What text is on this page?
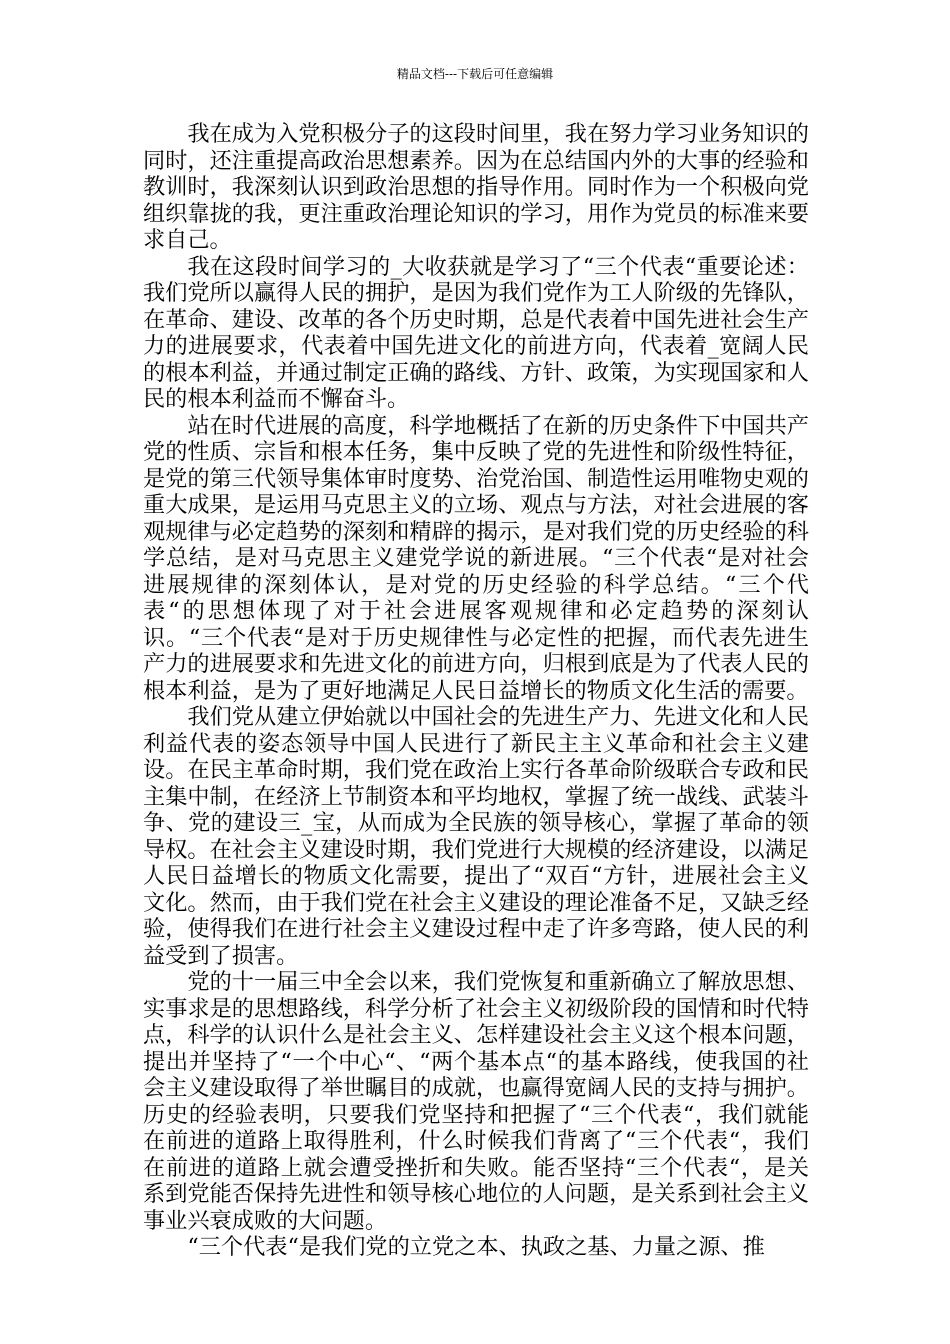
精品文档---下载后可任意编辑

我在成为入党积极分子的这段时间里，我在努力学习业务知识的同时，还注重提高政治思想素养。因为在总结国内外的大事的经验和教训时，我深刻认识到政治思想的指导作用。同时作为一个积极向党组织靠拢的我，更注重政治理论知识的学习，用作为党员的标准来要求自己。

我在这段时间学习的_大收获就是学习了“三个代表“重要论述：我们党所以赢得人民的拥护，是因为我们党作为工人阶级的先锋队，在革命、建设、改革的各个历史时期，总是代表着中国先进社会生产力的进展要求，代表着中国先进文化的前进方向，代表着_宽阔人民的根本利益，并通过制定正确的路线、方针、政策，为实现国家和人民的根本利益而不懈奋斗。

站在时代进展的高度，科学地概括了在新的历史条件下中国共产党的性质、宗旨和根本任务，集中反映了党的先进性和阶级性特征，是党的第三代领导集体审时度势、治党治国、制造性运用唯物史观的重大成果，是运用马克思主义的立场、观点与方法，对社会进展的客观规律与必定趋势的深刻和精辟的揭示，是对我们党的历史经验的科学总结，是对马克思主义建党学说的新进展。“三个代表“是对社会进展规律的深刻体认，是对党的历史经验的科学总结。“三个代表“的思想体现了对于社会进展客观规律和必定趋势的深刻认识。“三个代表“是对于历史规律性与必定性的把握，而代表先进生产力的进展要求和先进文化的前进方向，归根到底是为了代表人民的根本利益，是为了更好地满足人民日益增长的物质文化生活的需要。

我们党从建立伊始就以中国社会的先进生产力、先进文化和人民利益代表的姿态领导中国人民进行了新民主主义革命和社会主义建设。在民主革命时期，我们党在政治上实行各革命阶级联合专政和民主集中制，在经济上节制资本和平均地权，掌握了统一战线、武装斗争、党的建设三_宝，从而成为全民族的领导核心，掌握了革命的领导权。在社会主义建设时期，我们党进行大规模的经济建设，以满足人民日益增长的物质文化需要，提出了“双百“方针，进展社会主义文化。然而，由于我们党在社会主义建设的理论准备不足，又缺乏经验，使得我们在进行社会主义建设过程中走了许多弯路，使人民的利益受到了损害。

党的十一届三中全会以来，我们党恢复和重新确立了解放思想、实事求是的思想路线，科学分析了社会主义初级阶段的国情和时代特点，科学的认识什么是社会主义、怎样建设社会主义这个根本问题，提出并坚持了“一个中心“、“两个基本点“的基本路线，使我国的社会主义建设取得了举世瞩目的成就，也赢得宽阔人民的支持与拥护。历史的经验表明，只要我们党坚持和把握了“三个代表“，我们就能在前进的道路上取得胜利，什么时候我们背离了“三个代表“，我们在前进的道路上就会遭受挫折和失败。能否坚持“三个代表“，是关系到党能否保持先进性和领导核心地位的人问题，是关系到社会主义事业兴衰成败的大问题。

“三个代表“是我们党的立党之本、执政之基、力量之源、推
